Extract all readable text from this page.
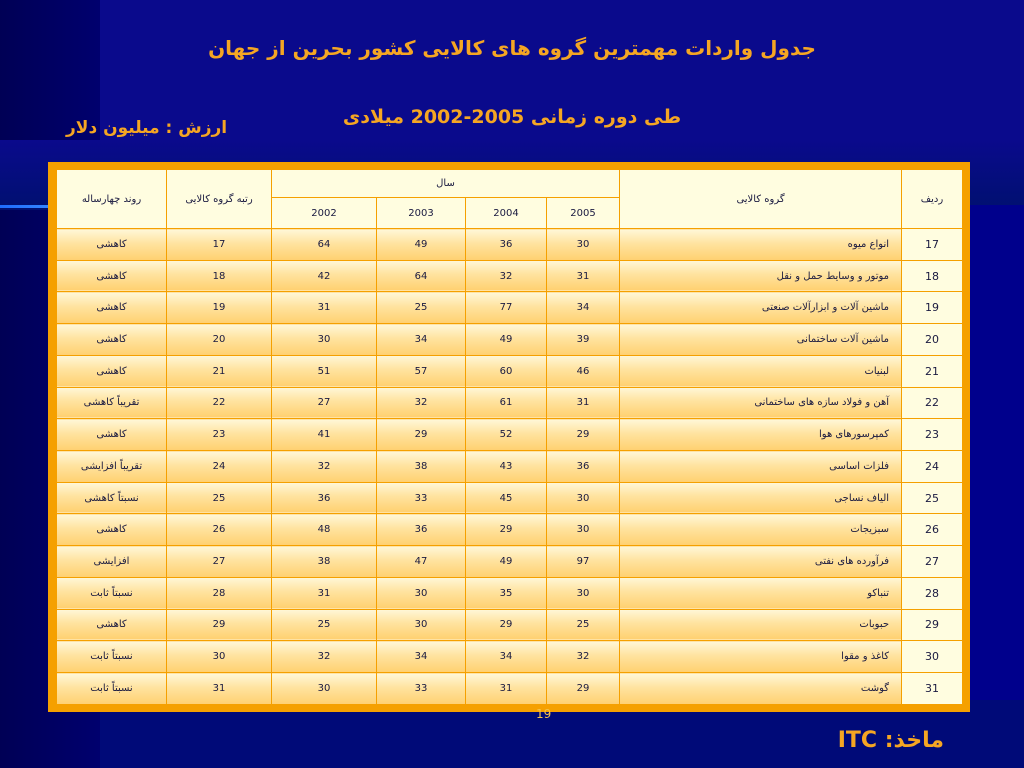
جدول واردات مهمترین گروه های کالایی کشور بحرین از جهان
طی دوره زمانی 2005-2002 میلادی
ارزش : میلیون دلار
ردیف	گروه کالایی	سال				رتبه گروه کالایی	روند چهارساله
		2005	2004	2003	2002		
17	انواع میوه	30	36	49	64	17	کاهشی
18	موتور و وسایط حمل و نقل	31	32	64	42	18	کاهشی
19	ماشین آلات و ابزارآلات صنعتی	34	77	25	31	19	کاهشی
20	ماشین آلات ساختمانی	39	49	34	30	20	کاهشی
21	لبنیات	46	60	57	51	21	کاهشی
22	آهن و فولاد سازه های ساختمانی	31	61	32	27	22	تقریباً کاهشی
23	کمپرسورهای هوا	29	52	29	41	23	کاهشی
24	فلزات اساسی	36	43	38	32	24	تقریباً افزایشی
25	الیاف نساجی	30	45	33	36	25	نسبتاً کاهشی
26	سبزیجات	30	29	36	48	26	کاهشی
27	فرآورده های نفتی	97	49	47	38	27	افزایشی
28	تنباکو	30	35	30	31	28	نسبتاً ثابت
29	حبوبات	25	29	30	25	29	کاهشی
30	کاغذ و مقوا	32	34	34	32	30	نسبتاً ثابت
31	گوشت	29	31	33	30	31	نسبتاً ثابت
19
ماخذ: ITC
